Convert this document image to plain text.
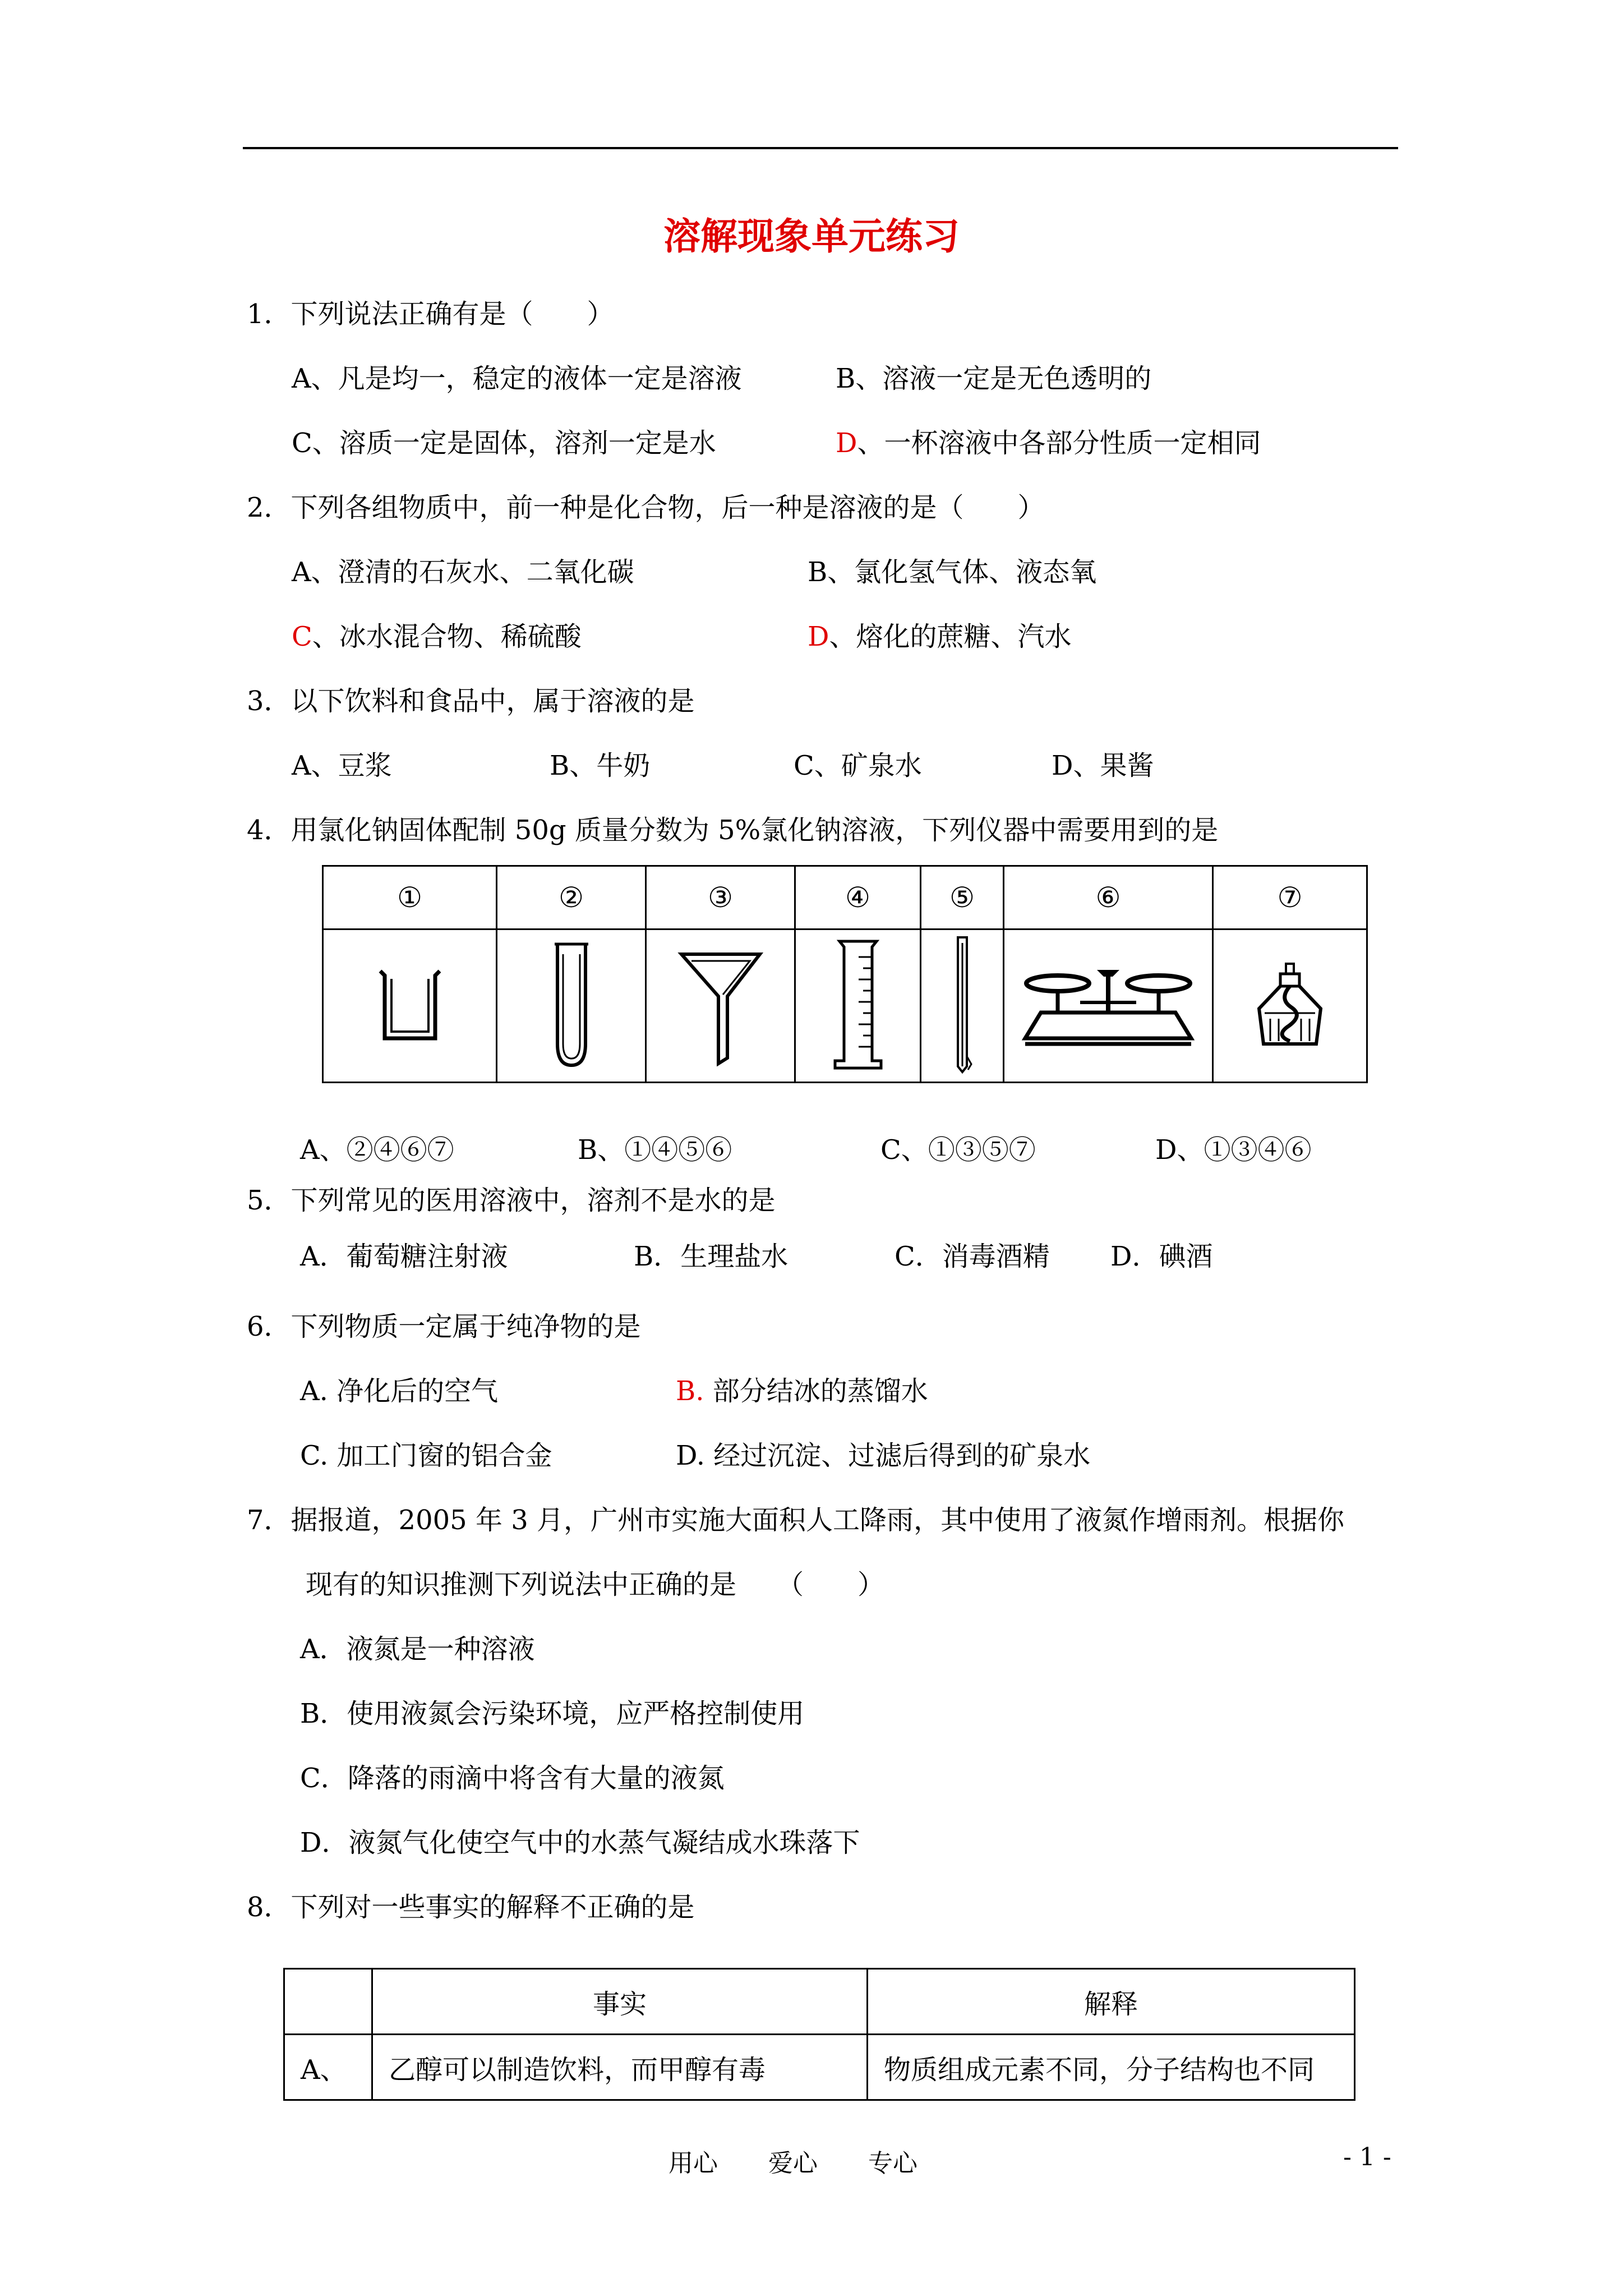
溶解现象单元练习
1．下列说法正确有是（　　）
A、凡是均一，稳定的液体一定是溶液	B、溶液一定是无色透明的
C、溶质一定是固体，溶剂一定是水	D、一杯溶液中各部分性质一定相同
2．下列各组物质中，前一种是化合物，后一种是溶液的是（　　）
A、澄清的石灰水、二氧化碳	B、氯化氢气体、液态氧
C、冰水混合物、稀硫酸	D、熔化的蔗糖、汽水
3．以下饮料和食品中，属于溶液的是
A、豆浆	B、牛奶	C、矿泉水	D、果酱
4．用氯化钠固体配制 50g 质量分数为 5%氯化钠溶液，下列仪器中需要用到的是
①	②	③	④	⑤	⑥	⑦

A、②④⑥⑦	B、①④⑤⑥	C、①③⑤⑦	D、①③④⑥
5．下列常见的医用溶液中，溶剂不是水的是
A．葡萄糖注射液	B．生理盐水	C．消毒酒精 D．碘酒
6．下列物质一定属于纯净物的是
A. 净化后的空气	B. 部分结冰的蒸馏水
C. 加工门窗的铝合金	D. 经过沉淀、过滤后得到的矿泉水
7．据报道，2005 年 3 月，广州市实施大面积人工降雨，其中使用了液氮作增雨剂。根据你
现有的知识推测下列说法中正确的是　　（　　）
A．液氮是一种溶液
B．使用液氮会污染环境，应严格控制使用
C．降落的雨滴中将含有大量的液氮
D．液氮气化使空气中的水蒸气凝结成水珠落下
8．下列对一些事实的解释不正确的是
	事实	解释
A、	乙醇可以制造饮料，而甲醇有毒	物质组成元素不同，分子结构也不同
用心 爱心 专心	- 1 -
